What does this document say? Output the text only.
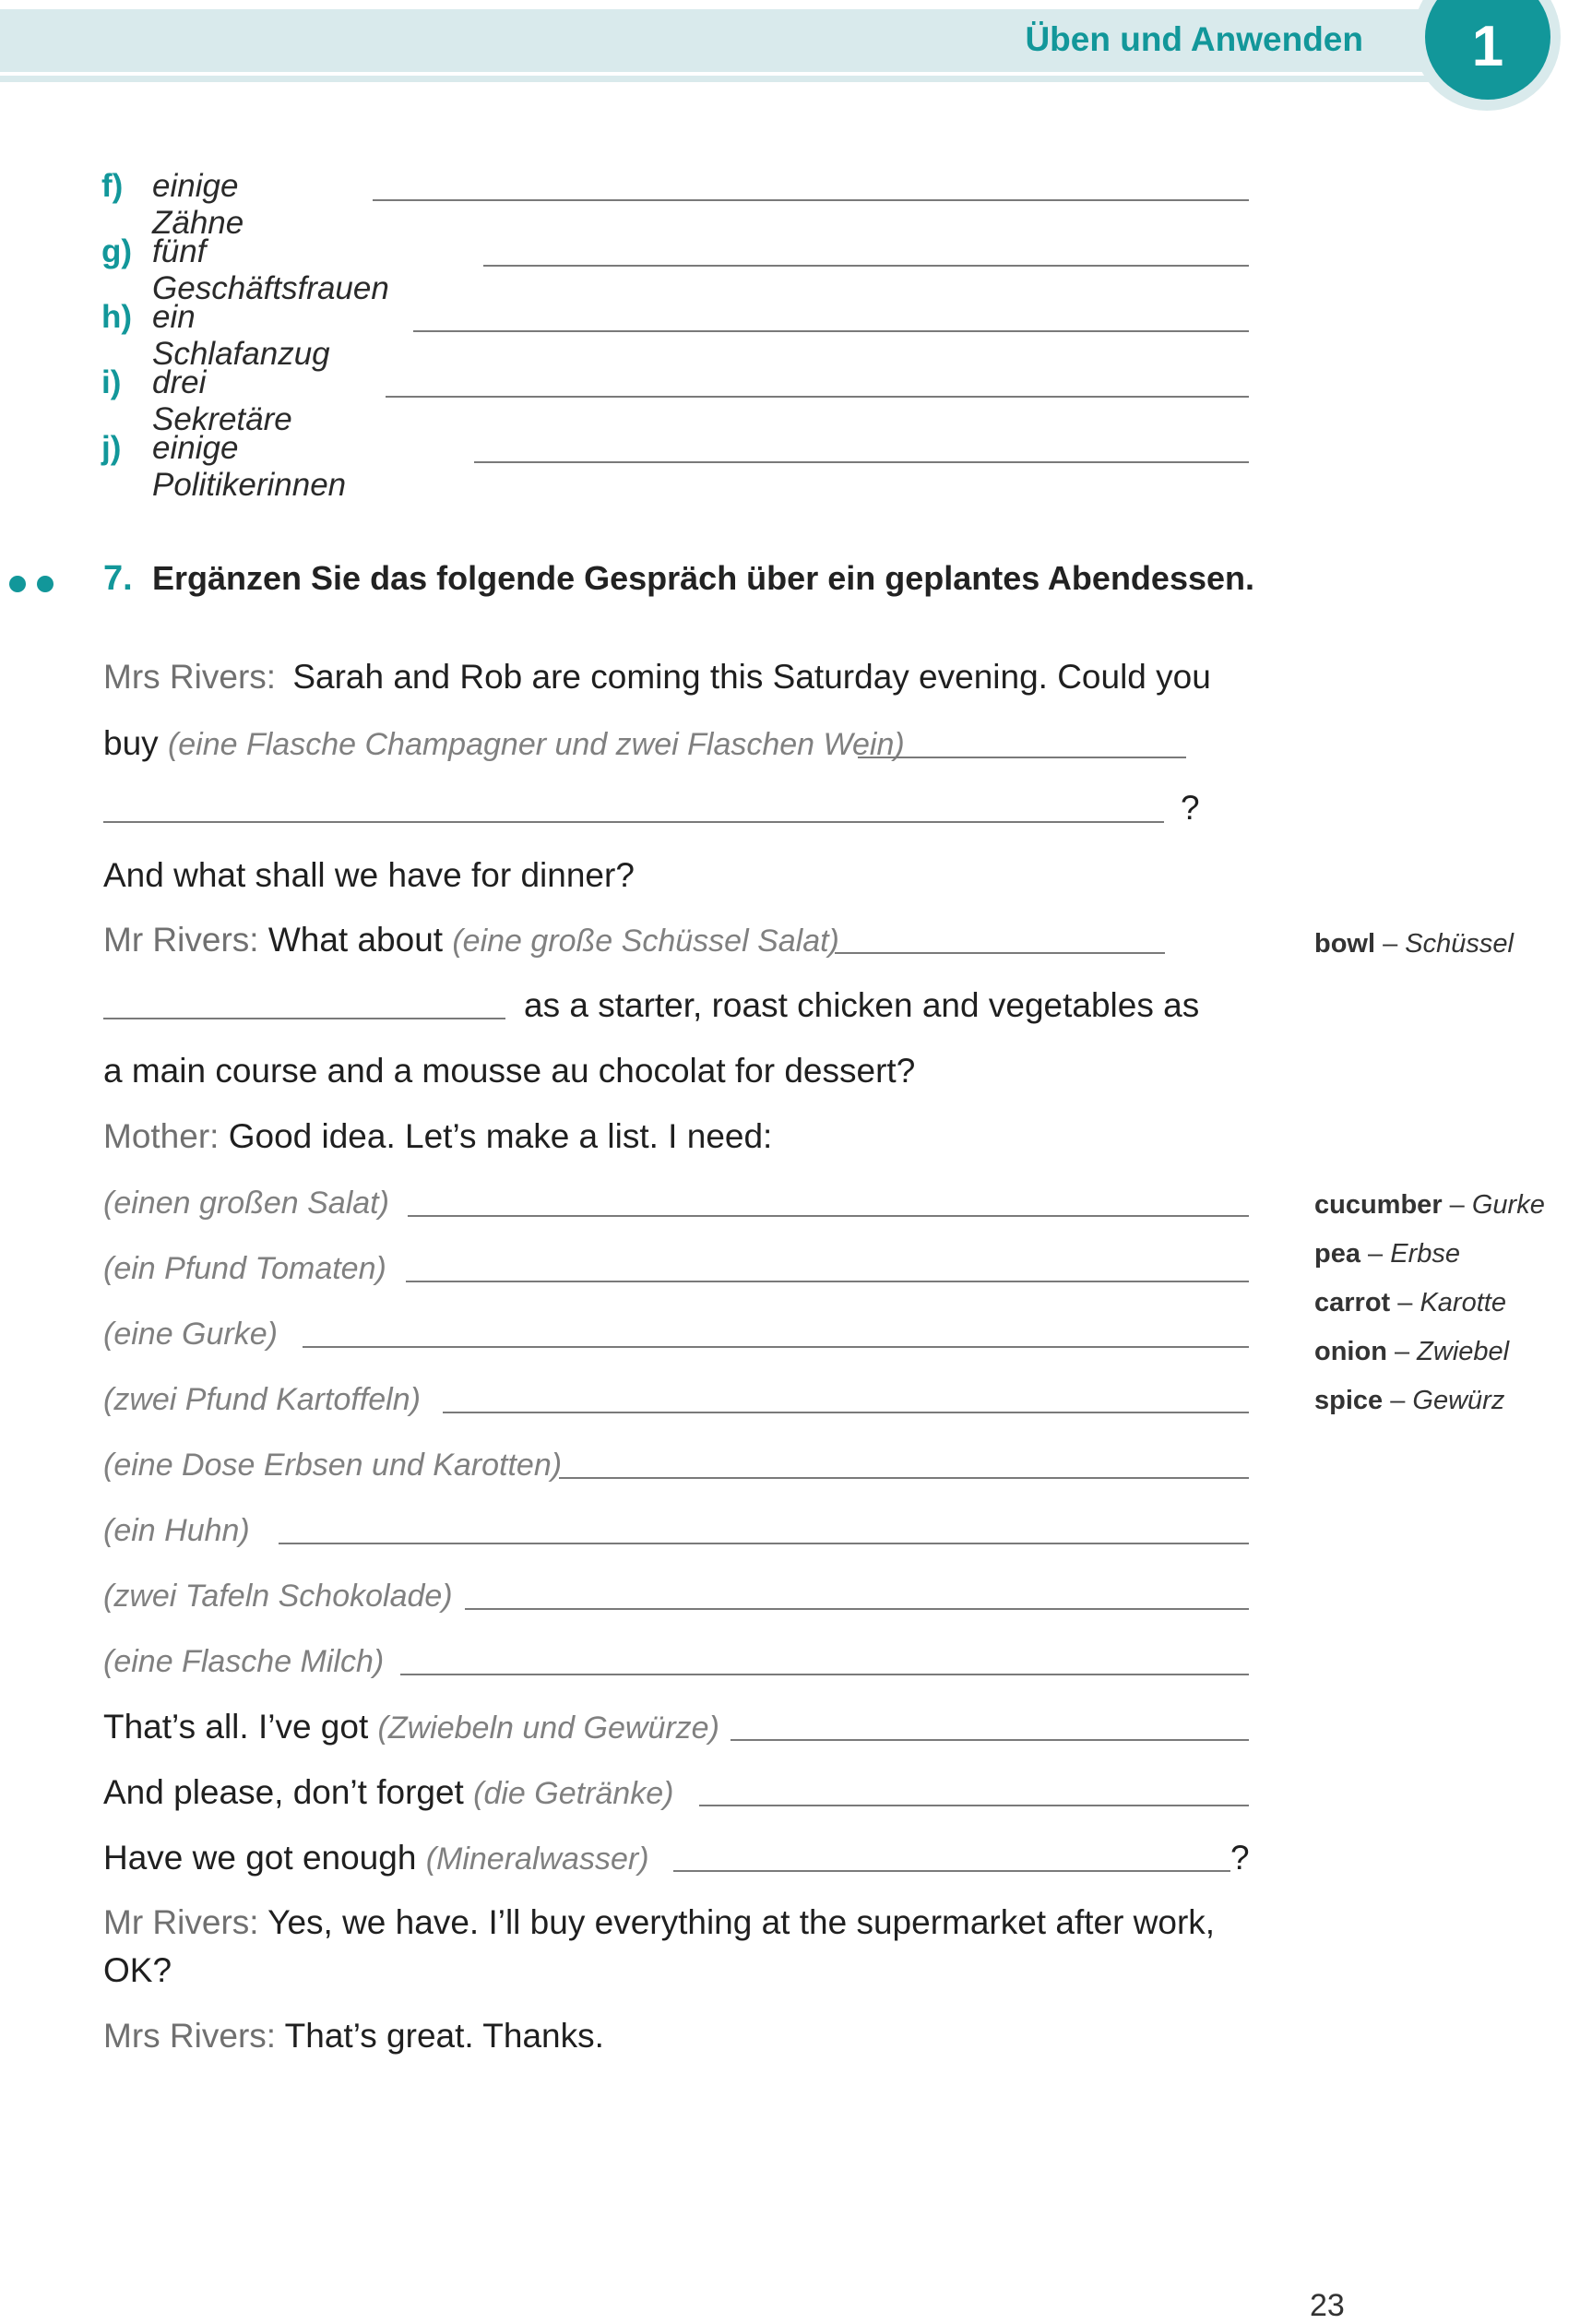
Üben und Anwenden	1
f) einige Zähne
g) fünf Geschäftsfrauen
h) ein Schlafanzug
i) drei Sekretäre
j) einige Politikerinnen
7. Ergänzen Sie das folgende Gespräch über ein geplantes Abendessen.
Mrs Rivers: Sarah and Rob are coming this Saturday evening. Could you
buy (eine Flasche Champagner und zwei Flaschen Wein)
?
And what shall we have for dinner?
Mr Rivers: What about (eine große Schüssel Salat)
as a starter, roast chicken and vegetables as
a main course and a mousse au chocolat for dessert?
Mother: Good idea. Let’s make a list. I need:
(einen großen Salat)
(ein Pfund Tomaten)
(eine Gurke)
(zwei Pfund Kartoffeln)
(eine Dose Erbsen und Karotten)
(ein Huhn)
(zwei Tafeln Schokolade)
(eine Flasche Milch)
That’s all. I’ve got (Zwiebeln und Gewürze)
And please, don’t forget (die Getränke)
Have we got enough (Mineralwasser)	?
Mr Rivers: Yes, we have. I’ll buy everything at the supermarket after work,
OK?
Mrs Rivers: That’s great. Thanks.
bowl – Schüssel
cucumber – Gurke
pea – Erbse
carrot – Karotte
onion – Zwiebel
spice – Gewürz
23
